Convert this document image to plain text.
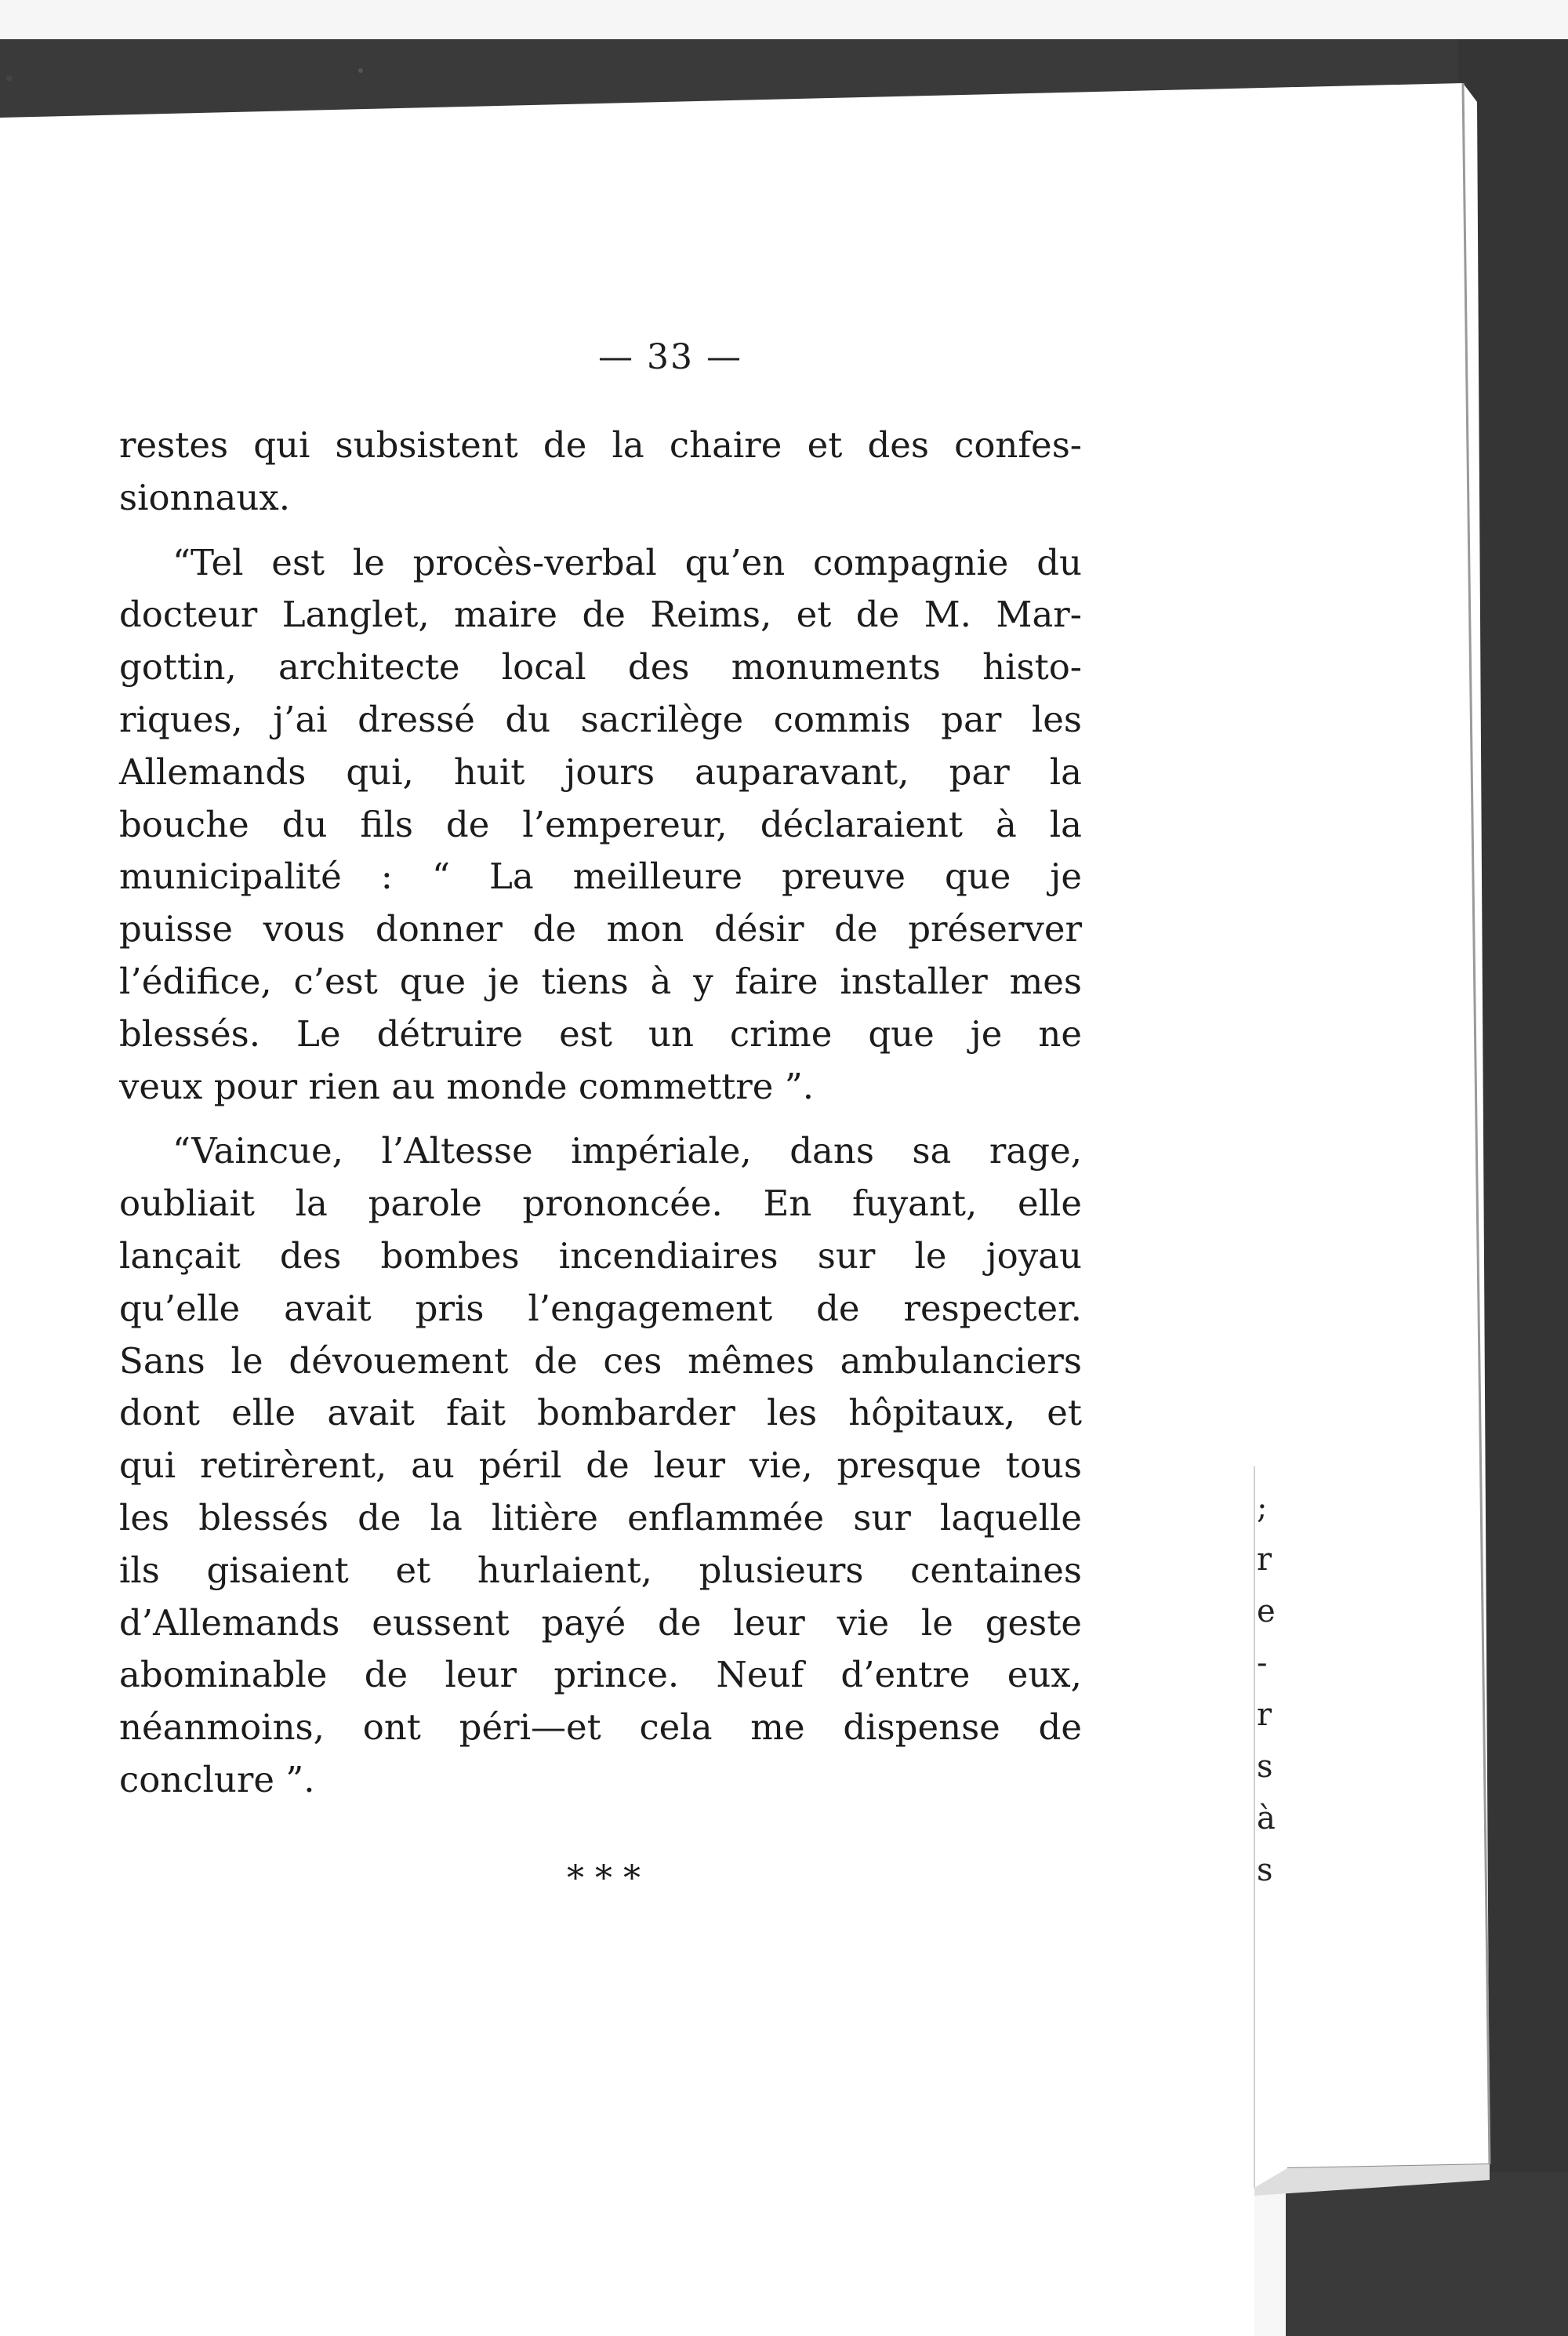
— 33 —

restes qui subsistent de la chaire et des confes-
sionnaux.

“Tel est le procès-verbal qu’en compagnie du
docteur Langlet, maire de Reims, et de M. Mar-
gottin, architecte local des monuments histo-
riques, j’ai dressé du sacrilège commis par les
Allemands qui, huit jours auparavant, par la
bouche du fils de l’empereur, déclaraient à la
municipalité : “ La meilleure preuve que je
puisse vous donner de mon désir de préserver
l’édifice, c’est que je tiens à y faire installer mes
blessés. Le détruire est un crime que je ne
veux pour rien au monde commettre ”.

“Vaincue, l’Altesse impériale, dans sa rage,
oubliait la parole prononcée. En fuyant, elle
lançait des bombes incendiaires sur le joyau
qu’elle avait pris l’engagement de respecter.
Sans le dévouement de ces mêmes ambulanciers
dont elle avait fait bombarder les hôpitaux, et
qui retirèrent, au péril de leur vie, presque tous
les blessés de la litière enflammée sur laquelle
ils gisaient et hurlaient, plusieurs centaines
d’Allemands eussent payé de leur vie le geste
abominable de leur prince. Neuf d’entre eux,
néanmoins, ont péri—et cela me dispense de
conclure ”.

* * *
;
r
e
-
r
s
à
s
